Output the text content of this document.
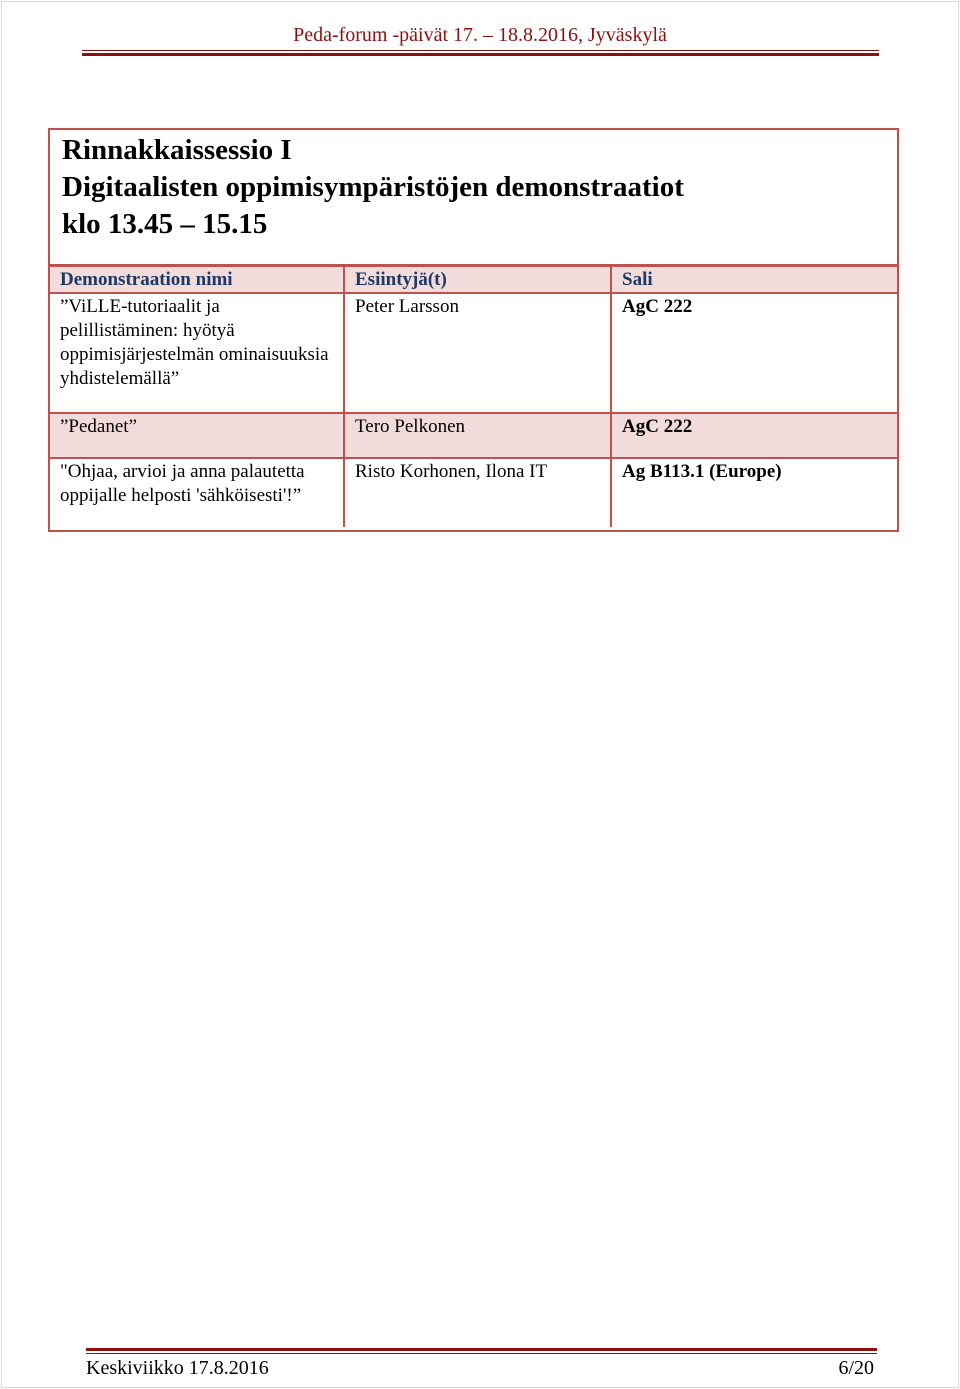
Peda-forum -päivät 17. – 18.8.2016, Jyväskylä
Rinnakkaissessio I
Digitaalisten oppimisympäristöjen demonstraatiot
klo 13.45 – 15.15
Demonstraation nimi	Esiintyjä(t)	Sali
”ViLLE-tutoriaalit ja pelillistäminen: hyötyä oppimisjärjestelmän ominaisuuksia yhdistelemällä”	Peter Larsson	AgC 222
”Pedanet”	Tero Pelkonen	AgC 222
"Ohjaa, arvioi ja anna palautetta oppijalle helposti 'sähköisesti'!”	Risto Korhonen, Ilona IT	Ag B113.1 (Europe)
Keskiviikko 17.8.2016	6/20
